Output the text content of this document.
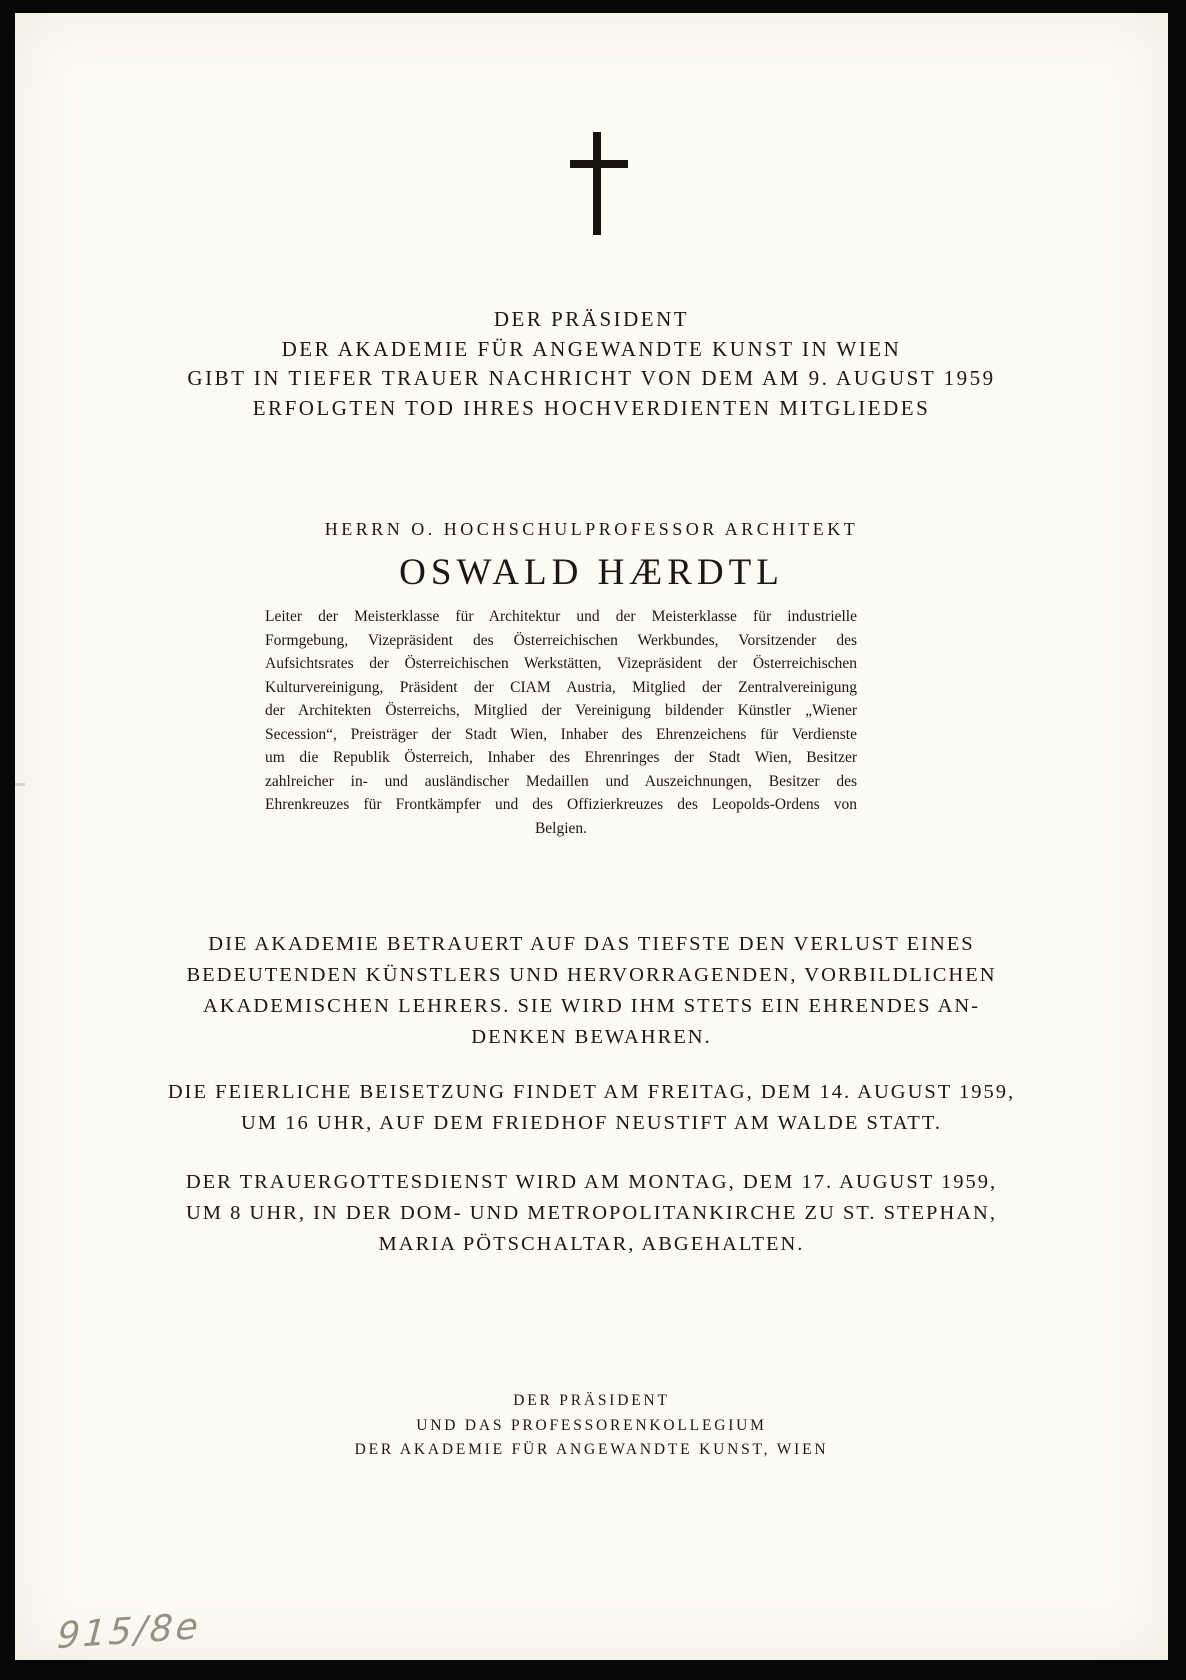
DER PRÄSIDENT
DER AKADEMIE FÜR ANGEWANDTE KUNST IN WIEN
GIBT IN TIEFER TRAUER NACHRICHT VON DEM AM 9. AUGUST 1959
ERFOLGTEN TOD IHRES HOCHVERDIENTEN MITGLIEDES
HERRN O. HOCHSCHULPROFESSOR ARCHITEKT
OSWALD HÆRDTL
Leiter der Meisterklasse für Architektur und der Meisterklasse für industrielle
Formgebung, Vizepräsident des Österreichischen Werkbundes, Vorsitzender des
Aufsichtsrates der Österreichischen Werkstätten, Vizepräsident der Österreichischen
Kulturvereinigung, Präsident der CIAM Austria, Mitglied der Zentralvereinigung
der Architekten Österreichs, Mitglied der Vereinigung bildender Künstler „Wiener
Secession“, Preisträger der Stadt Wien, Inhaber des Ehrenzeichens für Verdienste
um die Republik Österreich, Inhaber des Ehrenringes der Stadt Wien, Besitzer
zahlreicher in- und ausländischer Medaillen und Auszeichnungen, Besitzer des
Ehrenkreuzes für Frontkämpfer und des Offizierkreuzes des Leopolds-Ordens von
Belgien.
DIE AKADEMIE BETRAUERT AUF DAS TIEFSTE DEN VERLUST EINES
BEDEUTENDEN KÜNSTLERS UND HERVORRAGENDEN, VORBILDLICHEN
AKADEMISCHEN LEHRERS. SIE WIRD IHM STETS EIN EHRENDES AN-
DENKEN BEWAHREN.
DIE FEIERLICHE BEISETZUNG FINDET AM FREITAG, DEM 14. AUGUST 1959,
UM 16 UHR, AUF DEM FRIEDHOF NEUSTIFT AM WALDE STATT.
DER TRAUERGOTTESDIENST WIRD AM MONTAG, DEM 17. AUGUST 1959,
UM 8 UHR, IN DER DOM- UND METROPOLITANKIRCHE ZU ST. STEPHAN,
MARIA PÖTSCHALTAR, ABGEHALTEN.
DER PRÄSIDENT
UND DAS PROFESSORENKOLLEGIUM
DER AKADEMIE FÜR ANGEWANDTE KUNST, WIEN
915/8e
